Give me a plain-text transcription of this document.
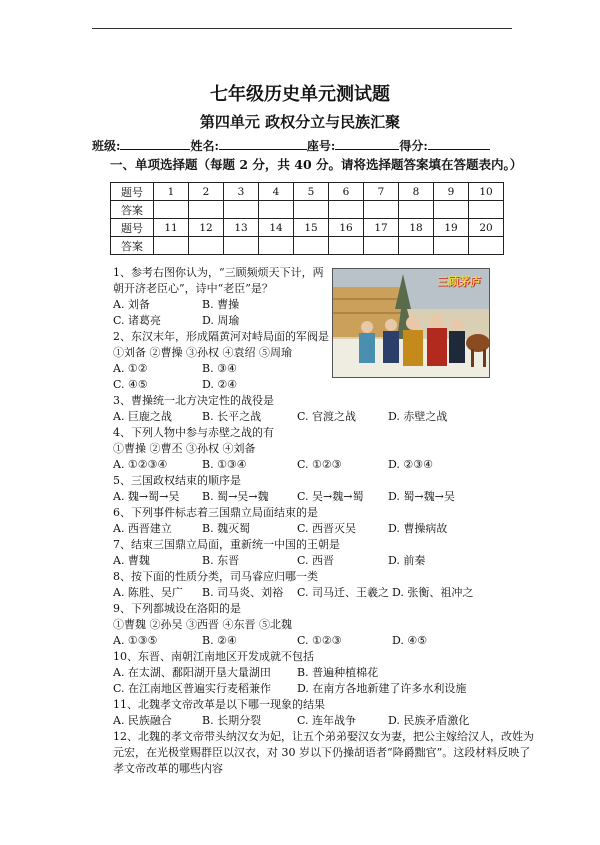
七年级历史单元测试题
第四单元 政权分立与民族汇聚
班级:	姓名:	座号:	得分:
一、单项选择题（每题 2 分，共 40 分。请将选择题答案填在答题表内。）
题号	1	2	3	4	5	6	7	8	9	10
答案										
题号	11	12	13	14	15	16	17	18	19	20
答案										
三顾茅庐
1、参考右图你认为，“三顾频烦天下计，两
朝开济老臣心”，诗中“老臣”是？
A. 刘备	B. 曹操
C. 诸葛亮	D. 周瑜
2、东汉末年，形成隔黄河对峙局面的军阀是
①刘备 ②曹操 ③孙权 ④袁绍 ⑤周瑜
A. ①②	B. ③④
C. ④⑤	D. ②④
3、曹操统一北方决定性的战役是
A. 巨鹿之战	B. 长平之战	C. 官渡之战	D. 赤壁之战
4、下列人物中参与赤壁之战的有
①曹操 ②曹丕 ③孙权 ④刘备
A. ①②③④	B. ①③④	C. ①②③	D. ②③④
5、三国政权结束的顺序是
A. 魏→蜀→吴 B. 蜀→吴→魏	C. 吴→魏→蜀 D. 蜀→魏→吴
6、下列事件标志着三国鼎立局面结束的是
A. 西晋建立	B. 魏灭蜀	C. 西晋灭吴	D. 曹操病故
7、结束三国鼎立局面，重新统一中国的王朝是
A. 曹魏	B. 东晋	C. 西晋	D. 前秦
8、按下面的性质分类，司马睿应归哪一类
A. 陈胜、吴广 B. 司马炎、刘裕 C. 司马迁、王羲之 D. 张衡、祖冲之
9、下列都城设在洛阳的是
①曹魏 ②孙吴 ③西晋 ④东晋 ⑤北魏
A. ①③⑤	B. ②④	C. ①②③	D. ④⑤
10、东晋、南朝江南地区开发成就不包括
A. 在太湖、鄱阳湖开垦大量湖田 B. 普遍种植棉花
C. 在江南地区普遍实行麦稻兼作 D. 在南方各地新建了许多水利设施
11、北魏孝文帝改革是以下哪一现象的结果
A. 民族融合	B. 长期分裂	C. 连年战争	D. 民族矛盾激化
12、北魏的孝文帝带头纳汉女为妃，让五个弟弟娶汉女为妻，把公主嫁给汉人，改姓为
元宏，在光极堂赐群臣以汉衣，对 30 岁以下仍操胡语者“降爵黜官”。这段材料反映了
孝文帝改革的哪些内容
